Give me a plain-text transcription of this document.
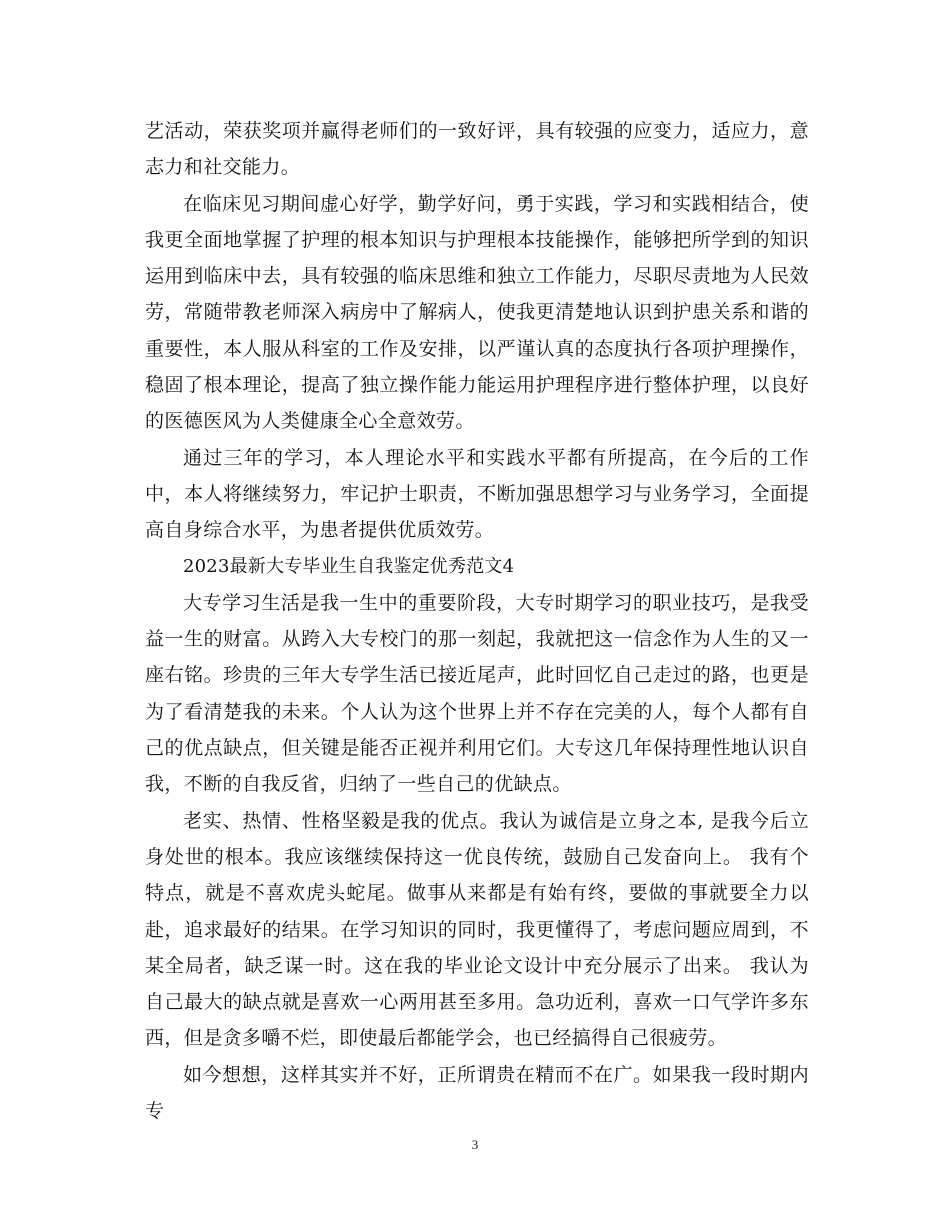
艺活动，荣获奖项并赢得老师们的一致好评，具有较强的应变力，适应力，意志力和社交能力。

在临床见习期间虚心好学，勤学好问，勇于实践，学习和实践相结合，使我更全面地掌握了护理的根本知识与护理根本技能操作，能够把所学到的知识运用到临床中去，具有较强的临床思维和独立工作能力，尽职尽责地为人民效劳，常随带教老师深入病房中了解病人，使我更清楚地认识到护患关系和谐的重要性，本人服从科室的工作及安排，以严谨认真的态度执行各项护理操作，稳固了根本理论，提高了独立操作能力能运用护理程序进行整体护理，以良好的医德医风为人类健康全心全意效劳。

通过三年的学习，本人理论水平和实践水平都有所提高，在今后的工作中，本人将继续努力，牢记护士职责，不断加强思想学习与业务学习，全面提高自身综合水平，为患者提供优质效劳。

2023最新大专毕业生自我鉴定优秀范文4

大专学习生活是我一生中的重要阶段，大专时期学习的职业技巧，是我受益一生的财富。从跨入大专校门的那一刻起，我就把这一信念作为人生的又一座右铭。珍贵的三年大专学生活已接近尾声，此时回忆自己走过的路，也更是为了看清楚我的未来。个人认为这个世界上并不存在完美的人，每个人都有自己的优点缺点，但关键是能否正视并利用它们。大专这几年保持理性地认识自我，不断的自我反省，归纳了一些自己的优缺点。

老实、热情、性格坚毅是我的优点。我认为诚信是立身之本, 是我今后立身处世的根本。我应该继续保持这一优良传统，鼓励自己发奋向上。 我有个特点，就是不喜欢虎头蛇尾。做事从来都是有始有终，要做的事就要全力以赴，追求最好的结果。在学习知识的同时，我更懂得了，考虑问题应周到，不某全局者，缺乏谋一时。这在我的毕业论文设计中充分展示了出来。 我认为自己最大的缺点就是喜欢一心两用甚至多用。急功近利，喜欢一口气学许多东西，但是贪多嚼不烂，即使最后都能学会，也已经搞得自己很疲劳。

如今想想，这样其实并不好，正所谓贵在精而不在广。如果我一段时期内专

3
